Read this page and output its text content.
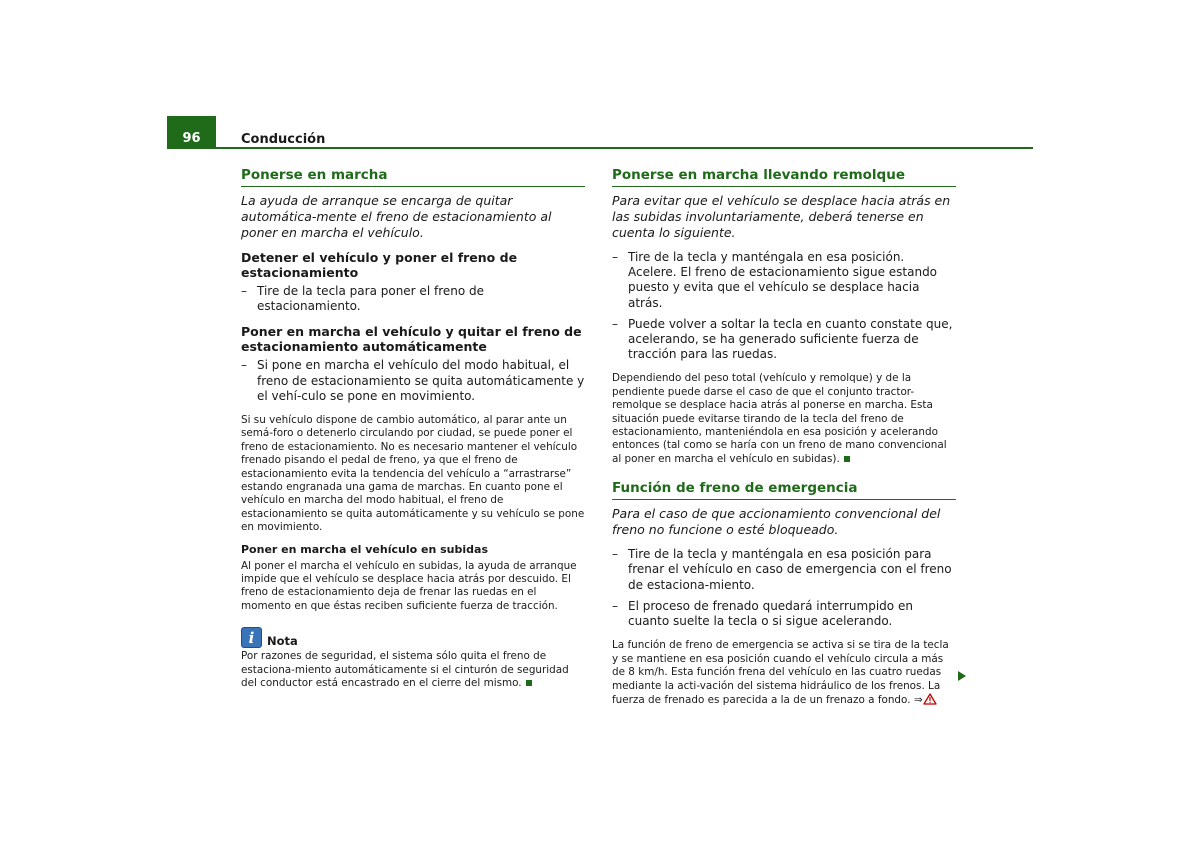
96	Conducción
Ponerse en marcha

La ayuda de arranque se encarga de quitar automática-mente el freno de estacionamiento al poner en marcha el vehículo.

Detener el vehículo y poner el freno de estacionamiento
– Tire de la tecla para poner el freno de estacionamiento.
Poner en marcha el vehículo y quitar el freno de estacionamiento automáticamente
– Si pone en marcha el vehículo del modo habitual, el freno de estacionamiento se quita automáticamente y el vehí-culo se pone en movimiento.

Si su vehículo dispone de cambio automático, al parar ante un semá-foro o detenerlo circulando por ciudad, se puede poner el freno de estacionamiento. No es necesario mantener el vehículo frenado pisando el pedal de freno, ya que el freno de estacionamiento evita la tendencia del vehículo a “arrastrarse” estando engranada una gama de marchas. En cuanto pone el vehículo en marcha del modo habitual, el freno de estacionamiento se quita automáticamente y su vehículo se pone en movimiento.

Poner en marcha el vehículo en subidas

Al poner el marcha el vehículo en subidas, la ayuda de arranque impide que el vehículo se desplace hacia atrás por descuido. El freno de estacionamiento deja de frenar las ruedas en el momento en que éstas reciben suficiente fuerza de tracción.

i	Nota

Por razones de seguridad, el sistema sólo quita el freno de estaciona-miento automáticamente si el cinturón de seguridad del conductor está encastrado en el cierre del mismo.

Ponerse en marcha llevando remolque

Para evitar que el vehículo se desplace hacia atrás en las subidas involuntariamente, deberá tenerse en cuenta lo siguiente.

– Tire de la tecla y manténgala en esa posición. Acelere. El freno de estacionamiento sigue estando puesto y evita que el vehículo se desplace hacia atrás.
– Puede volver a soltar la tecla en cuanto constate que, acelerando, se ha generado suficiente fuerza de tracción para las ruedas.

Dependiendo del peso total (vehículo y remolque) y de la pendiente puede darse el caso de que el conjunto tractor-remolque se desplace hacia atrás al ponerse en marcha. Esta situación puede evitarse tirando de la tecla del freno de estacionamiento, manteniéndola en esa posición y acelerando entonces (tal como se haría con un freno de mano convencional al poner en marcha el vehículo en subidas).

Función de freno de emergencia

Para el caso de que accionamiento convencional del freno no funcione o esté bloqueado.

– Tire de la tecla y manténgala en esa posición para frenar el vehículo en caso de emergencia con el freno de estaciona-miento.
– El proceso de frenado quedará interrumpido en cuanto suelte la tecla o si sigue acelerando.

La función de freno de emergencia se activa si se tira de la tecla y se mantiene en esa posición cuando el vehículo circula a más de 8 km/h. Esta función frena del vehículo en las cuatro ruedas mediante la acti-vación del sistema hidráulico de los frenos. La fuerza de frenado es parecida a la de un frenazo a fondo. ⇒
